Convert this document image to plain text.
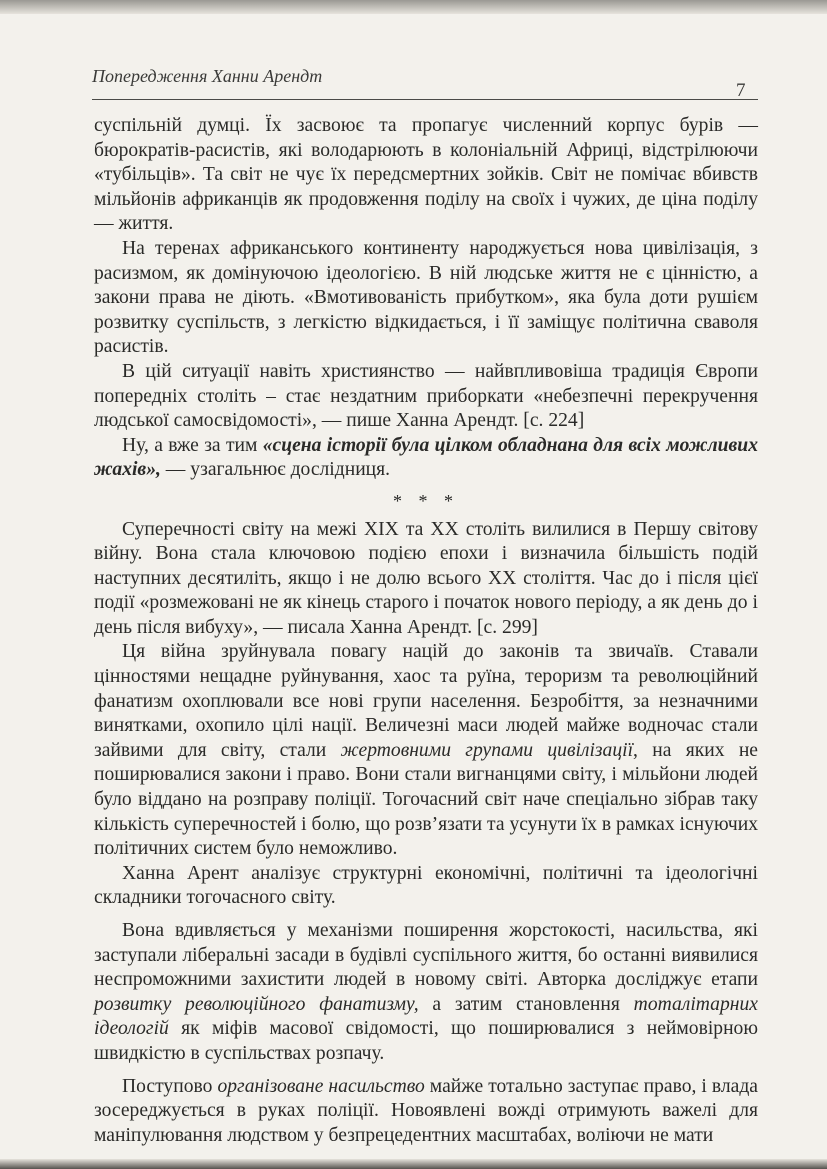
Попередження Ханни Арендт
7

суспільній думці. Їх засвоює та пропагує численний корпус бурів — бюрократів-расистів, які володарюють в колоніальній Африці, відстрілюючи «тубільців». Та світ не чує їх передсмертних зойків. Світ не помічає вбивств мільйонів африканців як продовження поділу на своїх і чужих, де ціна поділу — життя.

На теренах африканського континенту народжується нова цивілізація, з расизмом, як домінуючою ідеологією. В ній людське життя не є цінністю, а закони права не діють. «Вмотивованість прибутком», яка була доти рушієм розвитку суспільств, з легкістю відкидається, і її заміщує політична сваволя расистів.

В цій ситуації навіть християнство — найвпливовіша традиція Європи попередніх століть – стає нездатним приборкати «небезпечні перекручення людської самосвідомості», — пише Ханна Арендт. [с. 224]

Ну, а вже за тим «сцена історії була цілком обладнана для всіх можливих жахів», — узагальнює дослідниця.

* * *

Суперечності світу на межі ХІХ та ХХ століть вилилися в Першу світову війну. Вона стала ключовою подією епохи і визначила більшість подій наступних десятиліть, якщо і не долю всього ХХ століття. Час до і після цієї події «розмежовані не як кінець старого і початок нового періоду, а як день до і день після вибуху», — писала Ханна Арендт. [с. 299]

Ця війна зруйнувала повагу націй до законів та звичаїв. Ставали цінностями нещадне руйнування, хаос та руїна, тероризм та революційний фанатизм охоплювали все нові групи населення. Безробіття, за незначними винятками, охопило цілі нації. Величезні маси людей майже водночас стали зайвими для світу, стали жертовними групами цивілізації, на яких не поширювалися закони і право. Вони стали вигнанцями світу, і мільйони людей було віддано на розправу поліції. Тогочасний світ наче спеціально зібрав таку кількість суперечностей і болю, що розв’язати та усунути їх в рамках існуючих політичних систем було неможливо.

Ханна Арент аналізує структурні економічні, політичні та ідеологічні складники тогочасного світу.

Вона вдивляється у механізми поширення жорстокості, насильства, які заступали ліберальні засади в будівлі суспільного життя, бо останні виявилися неспроможними захистити людей в новому світі. Авторка досліджує етапи розвитку революційного фанатизму, а затим становлення тоталітарних ідеологій як міфів масової свідомості, що поширювалися з неймовірною швидкістю в суспільствах розпачу.

Поступово організоване насильство майже тотально заступає право, і влада зосереджується в руках поліції. Новоявлені вожді отримують важелі для маніпулювання людством у безпрецедентних масштабах, воліючи не мати
